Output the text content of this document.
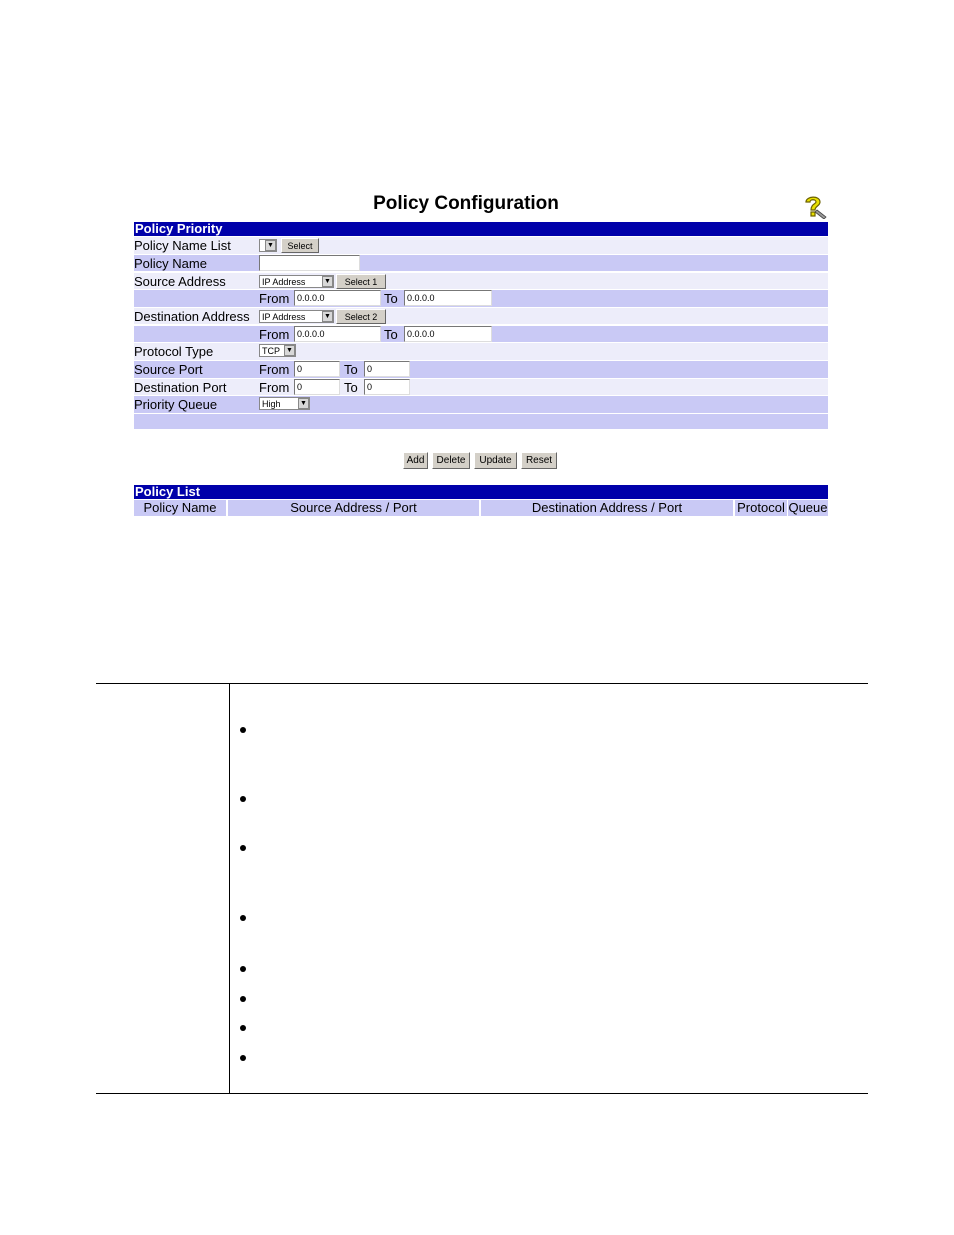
Policy Configuration
Policy Priority
Policy Name List	▼	Select
Policy Name
Source Address	IP Address	▼	Select 1
From 0.0.0.0	To	0.0.0.0
Destination Address	IP Address	▼	Select 2
From 0.0.0.0	To	0.0.0.0
Protocol Type	TCP ▼
Source Port	From 0	To	0
Destination Port	From 0	To	0
Priority Queue	High	▼
Add	Delete	Update	Reset
Policy List
Policy Name	Source Address / Port	Destination Address / Port	Protocol Queue
